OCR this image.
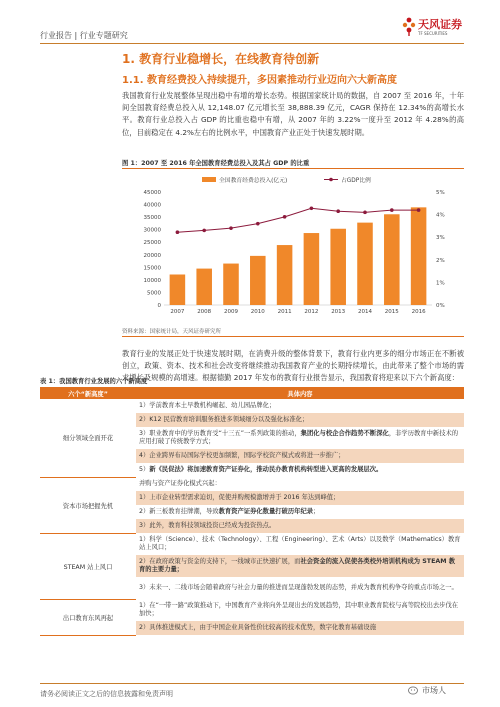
行业报告 | 行业专题研究
天风证券
TF SECURITIES
1. 教育行业稳增长，在线教育待创新
1.1. 教育经费投入持续提升，多因素推动行业迈向六大新高度
我国教育行业发展整体呈现出稳中有增的增长态势。根据国家统计局的数据，自 2007 至 2016 年，十年间全国教育经费总投入从 12,148.07 亿元增长至 38,888.39 亿元，CAGR 保持在 12.34%的高增长水平。教育行业总投入占 GDP 的比重也稳中有增，从 2007 年的 3.22%一度升至 2012 年 4.28%的高位，目前稳定在 4.2%左右的比例水平，中国教育产业正处于快速发展时期。
图 1：2007 至 2016 年全国教育经费总投入及其占 GDP 的比重
0
5000
10000
15000
20000
25000
30000
35000
40000
45000
0%
1%
2%
3%
4%
5%
2007 2008 2009 2010 2011 2012 2013 2014 2015 2016
全国教育经费总投入(亿元)	占GDP比例
资料来源：国家统计局，天风证券研究所
教育行业的发展正处于快速发展时期，在消费升级的整体背景下，教育行业内更多的细分市场正在不断被创立，政策、资本、技术和社会改变将继续推动我国教育产业的长期持续增长，由此带来了整个市场的需求增长及规模的高增速。根据德勤 2017 年发布的教育行业报告显示，我国教育将迎来以下六个新高度：
表 1：我国教育行业发展的六个新高度
六个“新高度”	具体内容
细分领域全面开花	1）学前教育本土早教机构崛起、幼儿园品牌化；
	2）K12 民营教育培训服务推进多领域细分以及强化标准化；
	3）职业教育中的学历教育受“十三五”一系列政策的推动，集团化与校企合作趋势不断深化，非学历教育中新技术的应用打破了传统教学方式；
	4）企业跨界布局国际学校更加频繁，国际学校资产模式或将进一步推广；
	5）新《民促法》将加速教育资产证券化，推动民办教育机构转型进入更高的发展层次。
资本市场把握先机	并购与资产证券化模式兴起：
	1）上市企业转型需求迫切，促使并购规模激增并于 2016 年达到峰值；
	2）新三板教育挂牌潮，导致教育资产证券化数量打破历年纪录；
	3）此外，教育科技领域投资已经成为投资热点。
STEAM 站上风口	1）科学（Science）、技术（Technology）、工程（Engineering）、艺术（Arts）以及数学（Mathematics）教育站上风口；
	2）在政府政策与资金的支持下，一线城市正快速扩展，而社会资金的流入促使各类校外培训机构成为 STEAM 教育的主要力量；
	3）未来一、二线市场会随着政府与社会力量的推进而呈现蓬勃发展的态势，并成为教育机构争夺的重点市场之一。
出口教育东风再起	1）在“一带一路”政策推动下，中国教育产业将向外呈现出去的发展趋势，其中职业教育院校与高等院校出去步伐在加快；
	2）具体推进模式上，由于中国企业具备性价比较高的技术优势，数字化教育基础设施
请务必阅读正文之后的信息披露和免责声明	市场人
